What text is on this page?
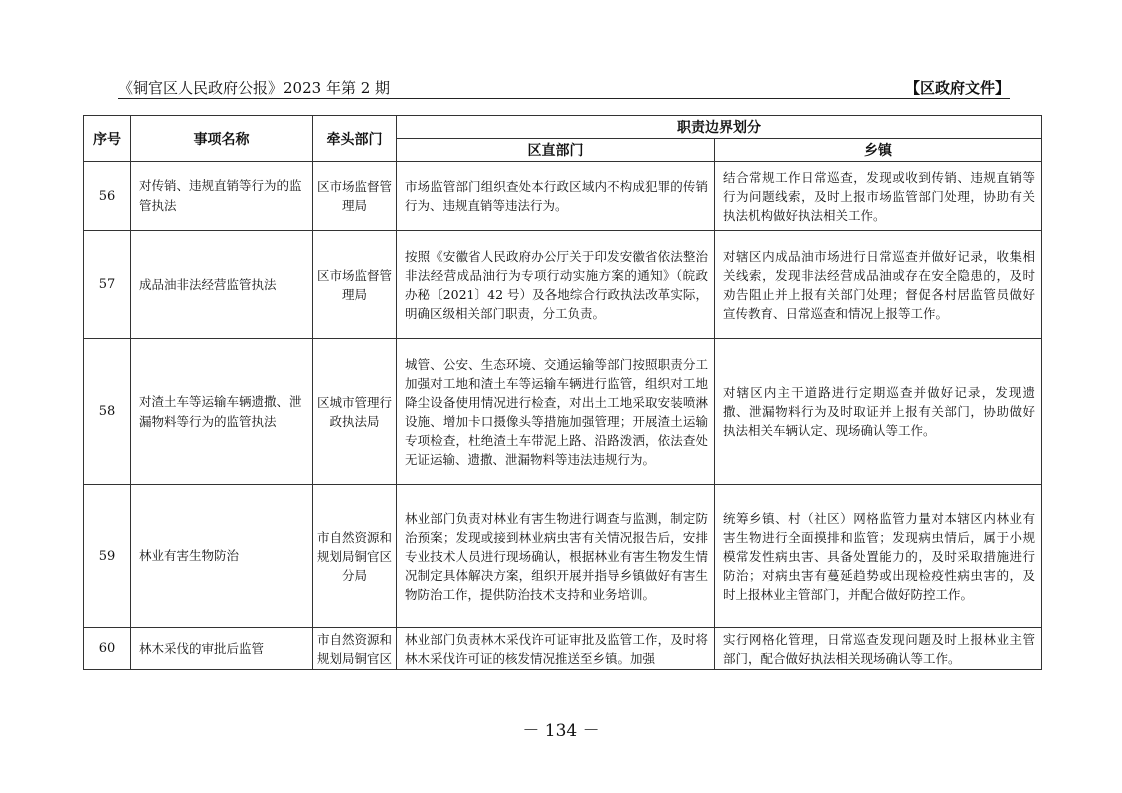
《铜官区人民政府公报》2023 年第 2 期	【区政府文件】
序号	事项名称	牵头部门	职责边界划分	
			区直部门	乡镇
56	对传销、违规直销等行为的监管执法	区市场监督管理局	市场监管部门组织查处本行政区域内不构成犯罪的传销行为、违规直销等违法行为。	结合常规工作日常巡查，发现或收到传销、违规直销等行为问题线索，及时上报市场监管部门处理，协助有关执法机构做好执法相关工作。
57	成品油非法经营监管执法	区市场监督管理局	按照《安徽省人民政府办公厅关于印发安徽省依法整治非法经营成品油行为专项行动实施方案的通知》（皖政办秘〔2021〕42 号）及各地综合行政执法改革实际，明确区级相关部门职责，分工负责。	对辖区内成品油市场进行日常巡查并做好记录，收集相关线索，发现非法经营成品油或存在安全隐患的，及时劝告阻止并上报有关部门处理；督促各村居监管员做好宣传教育、日常巡查和情况上报等工作。
58	对渣土车等运输车辆遗撒、泄漏物料等行为的监管执法	区城市管理行政执法局	城管、公安、生态环境、交通运输等部门按照职责分工加强对工地和渣土车等运输车辆进行监管，组织对工地降尘设备使用情况进行检查，对出土工地采取安装喷淋设施、增加卡口摄像头等措施加强管理；开展渣土运输专项检查，杜绝渣土车带泥上路、沿路泼洒，依法查处无证运输、遗撒、泄漏物料等违法违规行为。	对辖区内主干道路进行定期巡查并做好记录，发现遗撒、泄漏物料行为及时取证并上报有关部门，协助做好执法相关车辆认定、现场确认等工作。
59	林业有害生物防治	市自然资源和规划局铜官区分局	林业部门负责对林业有害生物进行调查与监测，制定防治预案；发现或接到林业病虫害有关情况报告后，安排专业技术人员进行现场确认，根据林业有害生物发生情况制定具体解决方案，组织开展并指导乡镇做好有害生物防治工作，提供防治技术支持和业务培训。	统筹乡镇、村（社区）网格监管力量对本辖区内林业有害生物进行全面摸排和监管；发现病虫情后，属于小规模常发性病虫害、具备处置能力的，及时采取措施进行防治；对病虫害有蔓延趋势或出现检疫性病虫害的，及时上报林业主管部门，并配合做好防控工作。
60	林木采伐的审批后监管	市自然资源和规划局铜官区	林业部门负责林木采伐许可证审批及监管工作，及时将林木采伐许可证的核发情况推送至乡镇。加强	实行网格化管理，日常巡查发现问题及时上报林业主管部门，配合做好执法相关现场确认等工作。
－ 134 －
